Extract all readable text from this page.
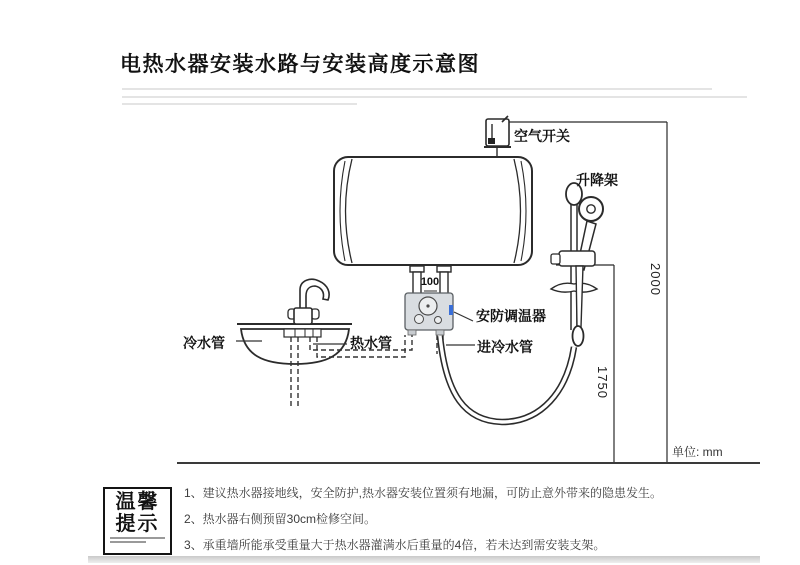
电热水器安装水路与安装高度示意图
空气开关
升降架
安防调温器
冷水管	热水管	进冷水管
2000
1750
100
单位: mm
温馨
提示
1、建议热水器接地线，安全防护,热水器安装位置须有地漏，可防止意外带来的隐患发生。
2、热水器右侧预留30cm检修空间。
3、承重墙所能承受重量大于热水器灌满水后重量的4倍，若未达到需安装支架。
